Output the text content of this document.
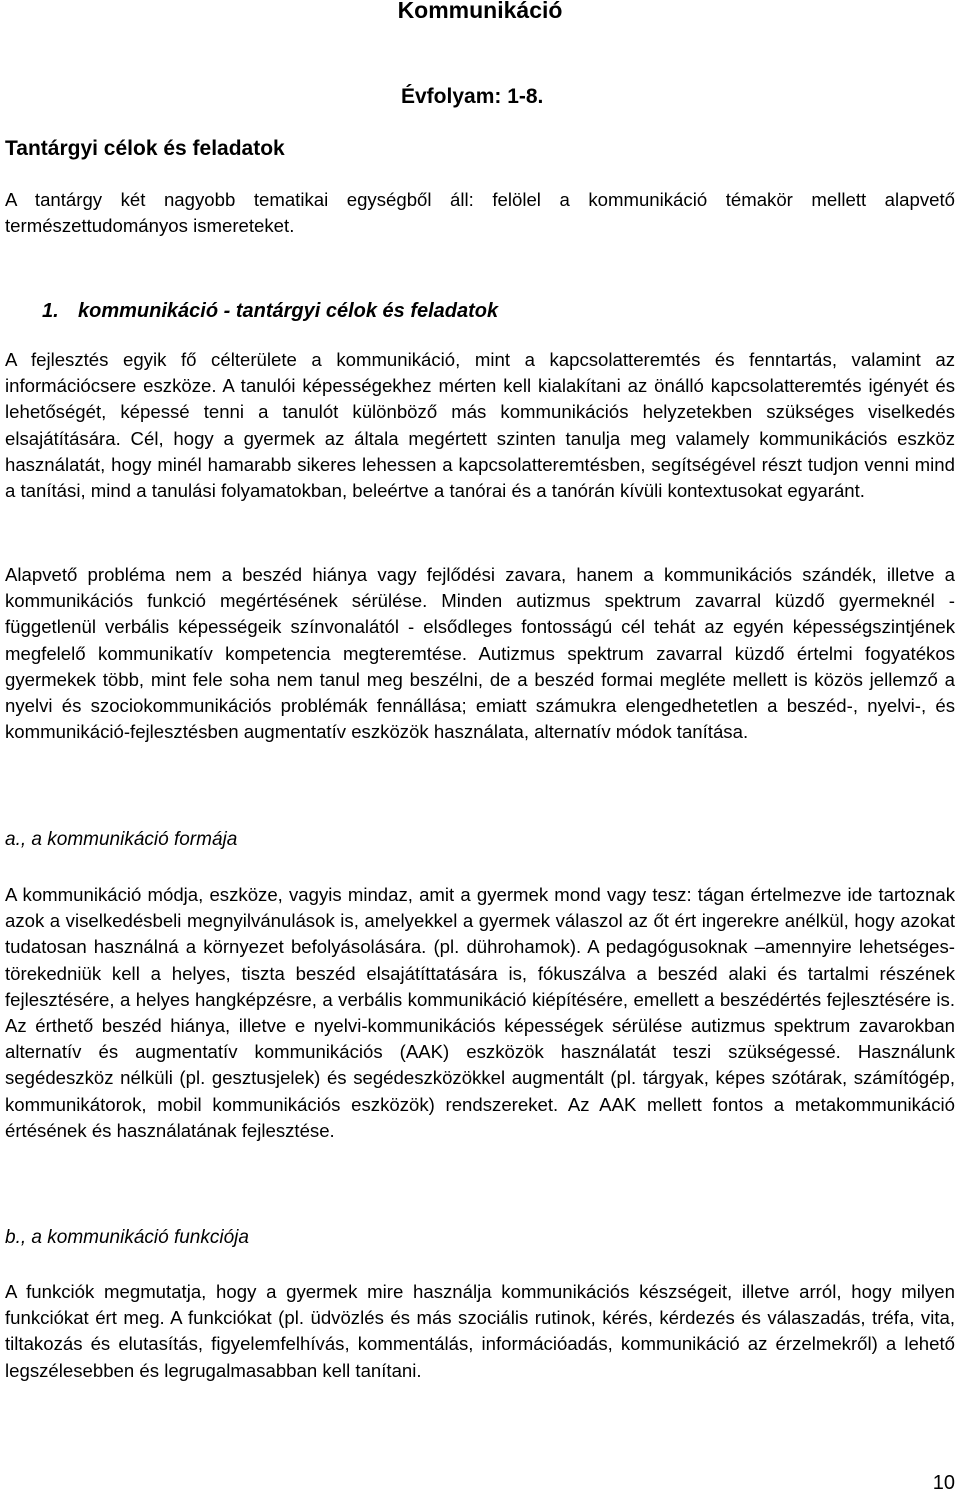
Kommunikáció
Évfolyam: 1-8.
Tantárgyi célok és feladatok

A tantárgy két nagyobb tematikai egységből áll: felölel a kommunikáció témakör mellett alapvető természettudományos ismereteket.

1. kommunikáció - tantárgyi célok és feladatok

A fejlesztés egyik fő célterülete a kommunikáció, mint a kapcsolatteremtés és fenntartás, valamint az információcsere eszköze. A tanulói képességekhez mérten kell kialakítani az önálló kapcsolatteremtés igényét és lehetőségét, képessé tenni a tanulót különböző más kommunikációs helyzetekben szükséges viselkedés elsajátítására. Cél, hogy a gyermek az általa megértett szinten tanulja meg valamely kommunikációs eszköz használatát, hogy minél hamarabb sikeres lehessen a kapcsolatteremtésben, segítségével részt tudjon venni mind a tanítási, mind a tanulási folyamatokban, beleértve a tanórai és a tanórán kívüli kontextusokat egyaránt.

Alapvető probléma nem a beszéd hiánya vagy fejlődési zavara, hanem a kommunikációs szándék, illetve a kommunikációs funkció megértésének sérülése. Minden autizmus spektrum zavarral küzdő gyermeknél - függetlenül verbális képességeik színvonalától - elsődleges fontosságú cél tehát az egyén képességszintjének megfelelő kommunikatív kompetencia megteremtése. Autizmus spektrum zavarral küzdő értelmi fogyatékos gyermekek több, mint fele soha nem tanul meg beszélni, de a beszéd formai megléte mellett is közös jellemző a nyelvi és szociokommunikációs problémák fennállása; emiatt számukra elengedhetetlen a beszéd-, nyelvi-, és kommunikáció-fejlesztésben augmentatív eszközök használata, alternatív módok tanítása.

a., a kommunikáció formája

A kommunikáció módja, eszköze, vagyis mindaz, amit a gyermek mond vagy tesz: tágan értelmezve ide tartoznak azok a viselkedésbeli megnyilvánulások is, amelyekkel a gyermek válaszol az őt ért ingerekre anélkül, hogy azokat tudatosan használná a környezet befolyásolására. (pl. dührohamok). A pedagógusoknak –amennyire lehetséges- törekedniük kell a helyes, tiszta beszéd elsajátíttatására is, fókuszálva a beszéd alaki és tartalmi részének fejlesztésére, a helyes hangképzésre, a verbális kommunikáció kiépítésére, emellett a beszédértés fejlesztésére is. Az érthető beszéd hiánya, illetve e nyelvi-kommunikációs képességek sérülése autizmus spektrum zavarokban alternatív és augmentatív kommunikációs (AAK) eszközök használatát teszi szükségessé. Használunk segédeszköz nélküli (pl. gesztusjelek) és segédeszközökkel augmentált (pl. tárgyak, képes szótárak, számítógép, kommunikátorok, mobil kommunikációs eszközök) rendszereket. Az AAK mellett fontos a metakommunikáció értésének és használatának fejlesztése.

b., a kommunikáció funkciója

A funkciók megmutatja, hogy a gyermek mire használja kommunikációs készségeit, illetve arról, hogy milyen funkciókat ért meg. A funkciókat (pl. üdvözlés és más szociális rutinok, kérés, kérdezés és válaszadás, tréfa, vita, tiltakozás és elutasítás, figyelemfelhívás, kommentálás, információadás, kommunikáció az érzelmekről) a lehető legszélesebben és legrugalmasabban kell tanítani.

10
